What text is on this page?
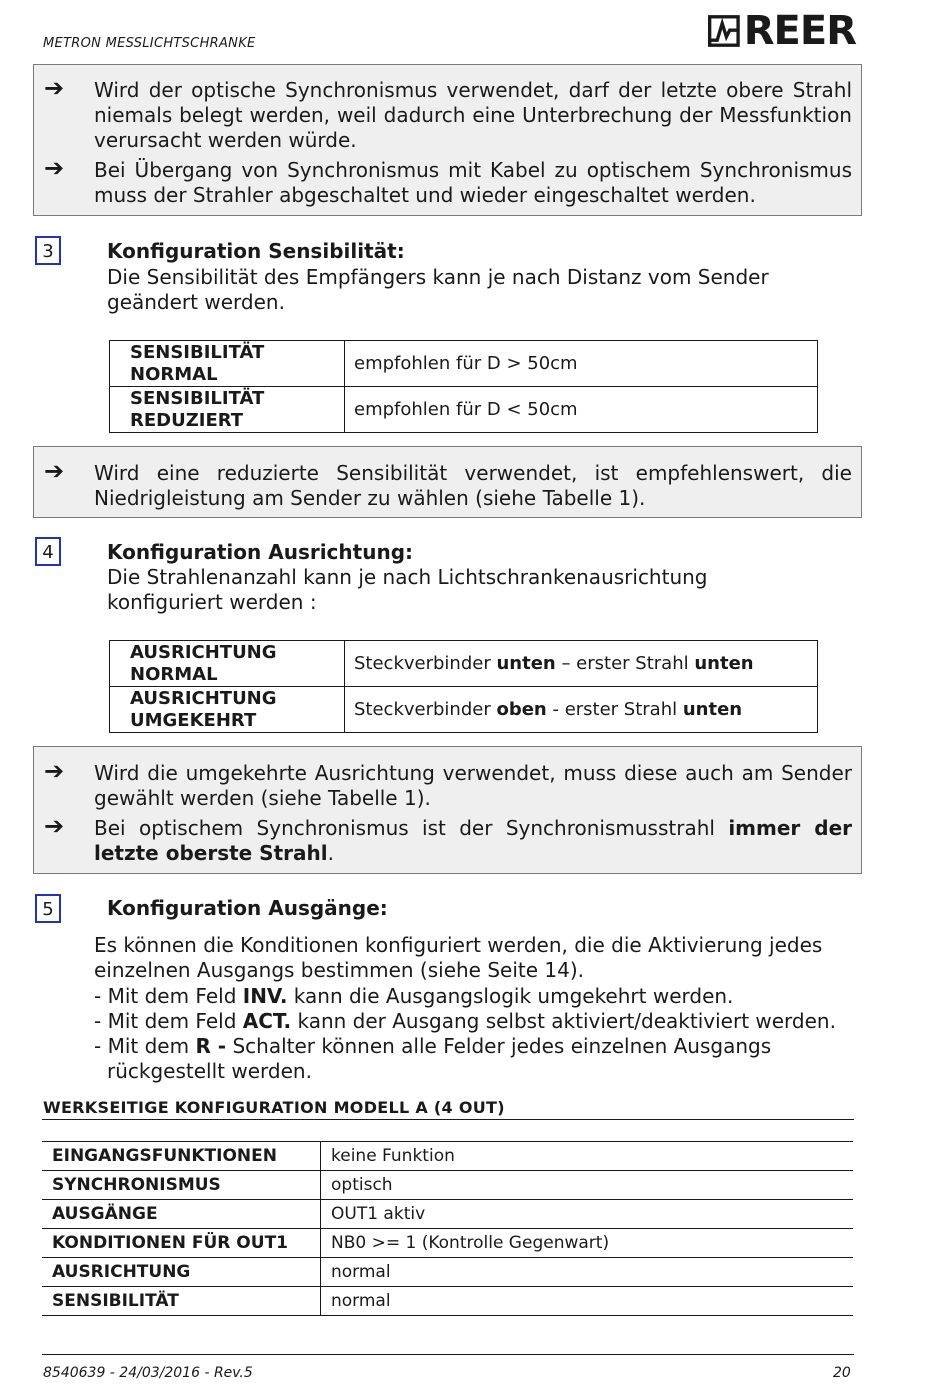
METRON MESSLICHTSCHRANKE	REER
➔ Wird der optische Synchronismus verwendet, darf der letzte obere Strahl niemals belegt werden, weil dadurch eine Unterbrechung der Messfunktion verursacht werden würde.
➔ Bei Übergang von Synchronismus mit Kabel zu optischem Synchronismus muss der Strahler abgeschaltet und wieder eingeschaltet werden.
3	Konfiguration Sensibilität:
Die Sensibilität des Empfängers kann je nach Distanz vom Sender geändert werden.
SENSIBILITÄT
NORMAL	empfohlen für D > 50cm
SENSIBILITÄT
REDUZIERT	empfohlen für D < 50cm
➔ Wird eine reduzierte Sensibilität verwendet, ist empfehlenswert, die Niedrigleistung am Sender zu wählen (siehe Tabelle 1).
4	Konfiguration Ausrichtung:
Die Strahlenanzahl kann je nach Lichtschrankenausrichtung konfiguriert werden :
AUSRICHTUNG
NORMAL	Steckverbinder unten – erster Strahl unten
AUSRICHTUNG
UMGEKEHRT	Steckverbinder oben - erster Strahl unten
➔ Wird die umgekehrte Ausrichtung verwendet, muss diese auch am Sender gewählt werden (siehe Tabelle 1).
➔ Bei optischem Synchronismus ist der Synchronismusstrahl immer der letzte oberste Strahl.
5	Konfiguration Ausgänge:
Es können die Konditionen konfiguriert werden, die die Aktivierung jedes einzelnen Ausgangs bestimmen (siehe Seite 14).
- Mit dem Feld INV. kann die Ausgangslogik umgekehrt werden.
- Mit dem Feld ACT. kann der Ausgang selbst aktiviert/deaktiviert werden.
- Mit dem R - Schalter können alle Felder jedes einzelnen Ausgangs
rückgestellt werden.
WERKSEITIGE KONFIGURATION MODELL A (4 OUT)
EINGANGSFUNKTIONEN	keine Funktion
SYNCHRONISMUS	optisch
AUSGÄNGE	OUT1 aktiv
KONDITIONEN FÜR OUT1	NB0 >= 1 (Kontrolle Gegenwart)
AUSRICHTUNG	normal
SENSIBILITÄT	normal
8540639 - 24/03/2016 - Rev.5	20
